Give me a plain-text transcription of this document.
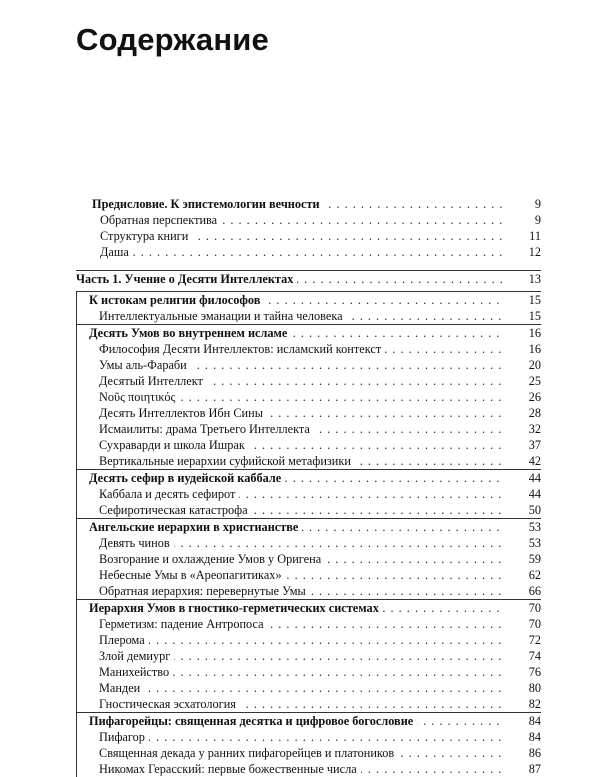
Содержание
Предисловие. К эпистемологии вечности . . .	9
Обратная перспектива . . .	9
Структура книги . . .	11
Даша . . .	12
Часть 1. Учение о Десяти Интеллектах . . .	13
К истокам религии философов . . .	15
Интеллектуальные эманации и тайна человека . . .	15
Десять Умов во внутреннем исламе . . .	16
Философия Десяти Интеллектов: исламский контекст . . .	16
Умы аль-Фараби . . .	20
Десятый Интеллект . . .	25
Νοῦς ποιητικός . . .	26
Десять Интеллектов Ибн Сины . . .	28
Исмаилиты: драма Третьего Интеллекта . . .	32
Сухраварди и школа Ишрак . . .	37
Вертикальные иерархии суфийской метафизики . . .	42
Десять сефир в иудейской каббале . . .	44
Каббала и десять сефирот . . .	44
Сефиротическая катастрофа . . .	50
Ангельские иерархии в христианстве . . .	53
Девять чинов . . .	53
Возгорание и охлаждение Умов у Оригена . . .	59
Небесные Умы в «Ареопагитиках» . . .	62
Обратная иерархия: перевернутые Умы . . .	66
Иерархия Умов в гностико-герметических системах . . .	70
Герметизм: падение Антропоса . . .	70
Плерома . . .	72
Злой демиург . . .	74
Манихейство . . .	76
Мандеи . . .	80
Гностическая эсхатология . . .	82
Пифагорейцы: священная десятка и цифровое богословие . . .	84
Пифагор . . .	84
Священная декада у ранних пифагорейцев и платоников . . .	86
Никомах Герасский: первые божественные числа . . .	87
